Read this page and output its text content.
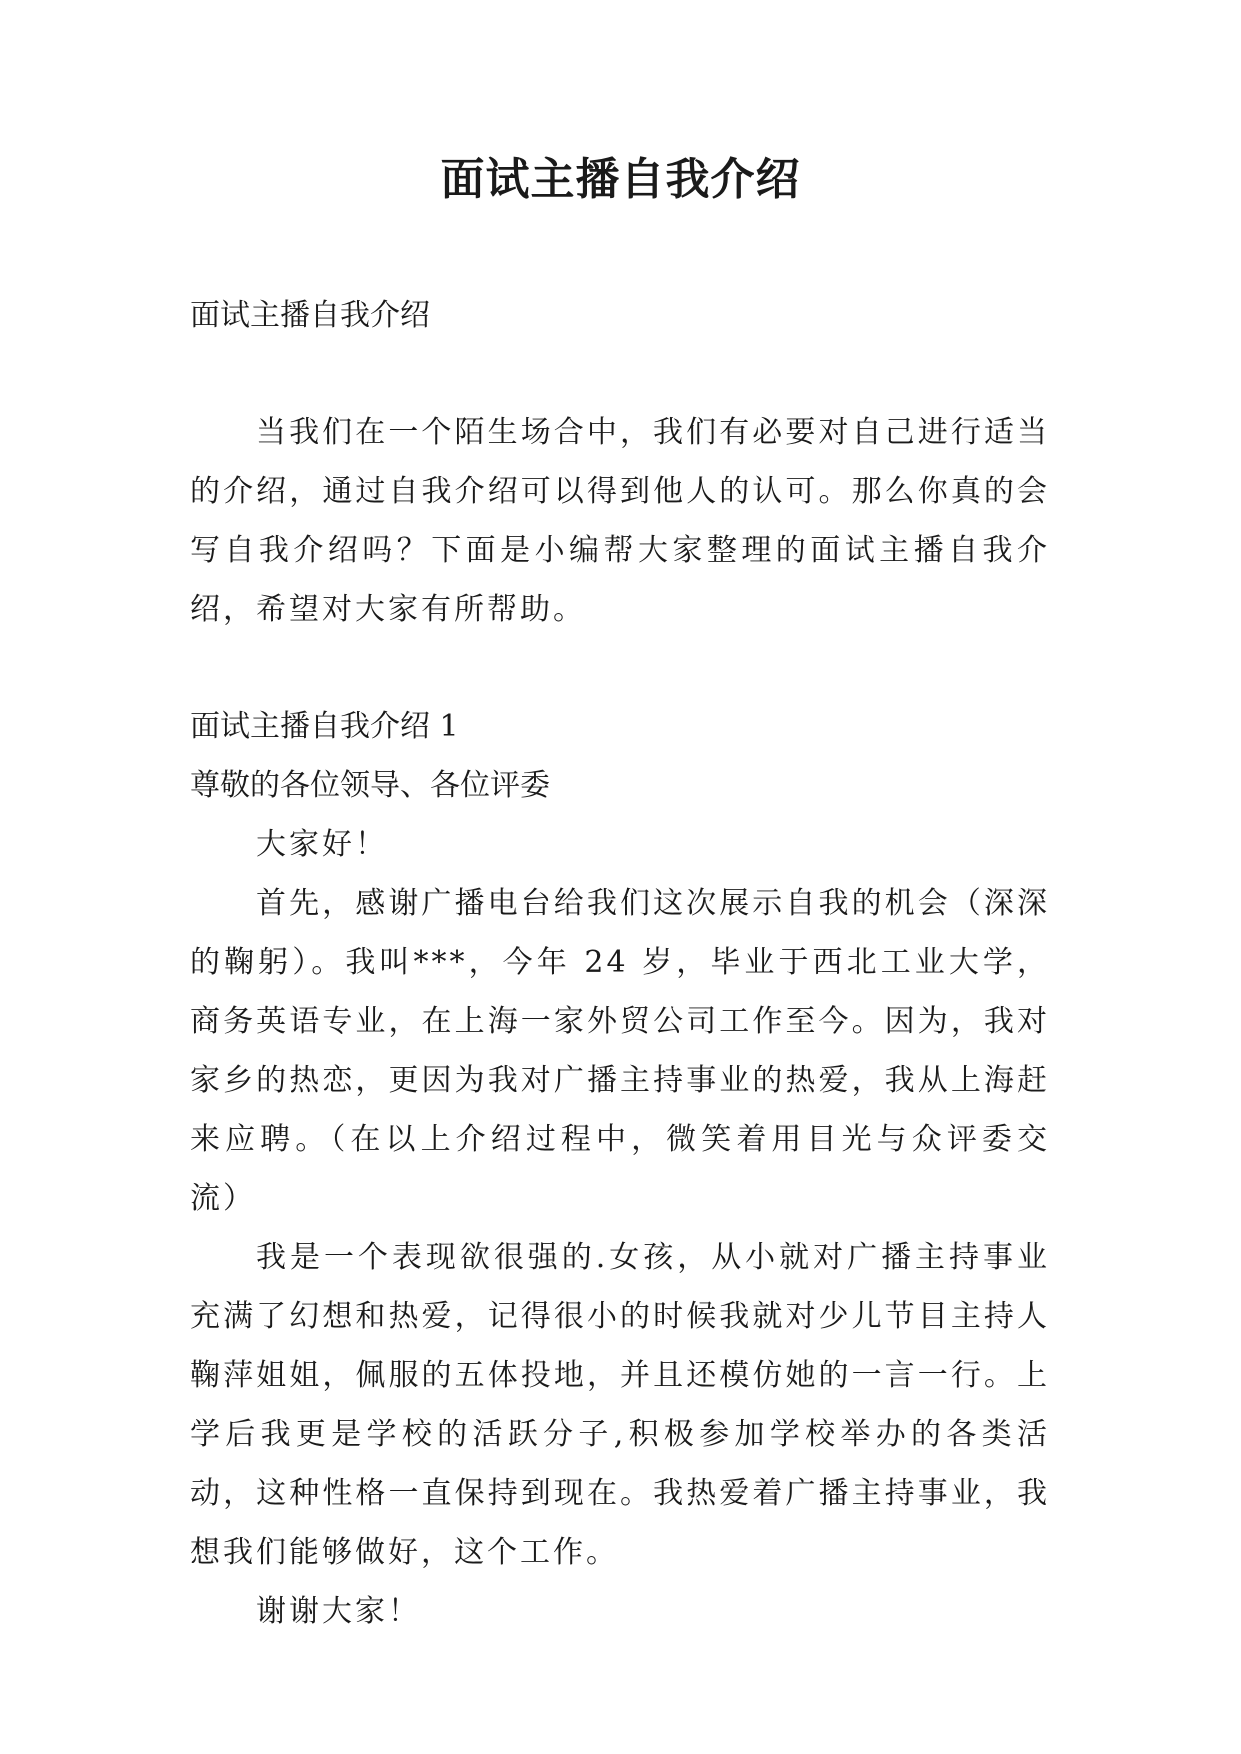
面试主播自我介绍

面试主播自我介绍

当我们在一个陌生场合中，我们有必要对自己进行适当的介绍，通过自我介绍可以得到他人的认可。那么你真的会写自我介绍吗？下面是小编帮大家整理的面试主播自我介绍，希望对大家有所帮助。

面试主播自我介绍 1

尊敬的各位领导、各位评委

大家好！

首先，感谢广播电台给我们这次展示自我的机会（深深的鞠躬）。我叫***，今年 24 岁，毕业于西北工业大学，商务英语专业，在上海一家外贸公司工作至今。因为，我对家乡的热恋，更因为我对广播主持事业的热爱，我从上海赶来应聘。（在以上介绍过程中，微笑着用目光与众评委交流）

我是一个表现欲很强的.女孩，从小就对广播主持事业充满了幻想和热爱，记得很小的时候我就对少儿节目主持人鞠萍姐姐，佩服的五体投地，并且还模仿她的一言一行。上学后我更是学校的活跃分子,积极参加学校举办的各类活动，这种性格一直保持到现在。我热爱着广播主持事业，我想我们能够做好，这个工作。

谢谢大家！
